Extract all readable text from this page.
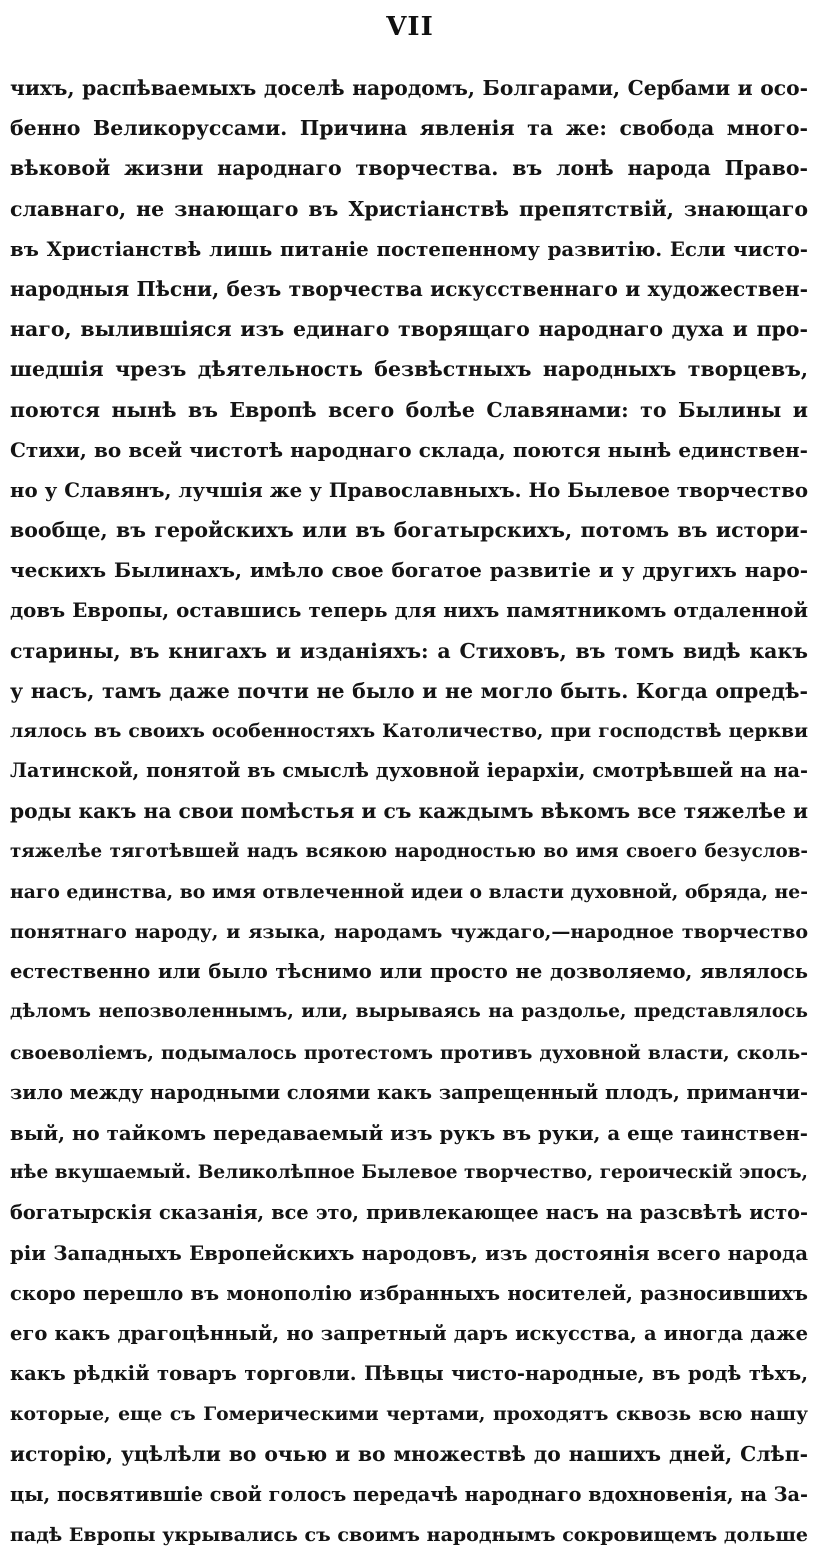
VII
чихъ, распѣваемыхъ доселѣ народомъ, Болгарами, Сербами и осо-
бенно Великоруссами. Причина явленія та же: свобода много-
вѣковой жизни народнаго творчества. въ лонѣ народа Право-
славнаго, не знающаго въ Христіанствѣ препятствій, знающаго
въ Христіанствѣ лишь питаніе постепенному развитію. Если чисто-
народныя Пѣсни, безъ творчества искусственнаго и художествен-
наго, вылившіяся изъ единаго творящаго народнаго духа и про-
шедшія чрезъ дѣятельность безвѣстныхъ народныхъ творцевъ,
поются нынѣ въ Европѣ всего болѣе Славянами: то Былины и
Стихи, во всей чистотѣ народнаго склада, поются нынѣ единствен-
но у Славянъ, лучшія же у Православныхъ. Но Былевое творчество
вообще, въ геройскихъ или въ богатырскихъ, потомъ въ истори-
ческихъ Былинахъ, имѣло свое богатое развитіе и у другихъ наро-
довъ Европы, оставшись теперь для нихъ памятникомъ отдаленной
старины, въ книгахъ и изданіяхъ: а Стиховъ, въ томъ видѣ какъ
у насъ, тамъ даже почти не было и не могло быть. Когда опредѣ-
лялось въ своихъ особенностяхъ Католичество, при господствѣ церкви
Латинской, понятой въ смыслѣ духовной іерархіи, смотрѣвшей на на-
роды какъ на свои помѣстья и съ каждымъ вѣкомъ все тяжелѣе и
тяжелѣе тяготѣвшей надъ всякою народностью во имя своего безуслов-
наго единства, во имя отвлеченной идеи о власти духовной, обряда, не-
понятнаго народу, и языка, народамъ чуждаго,—народное творчество
естественно или было тѣснимо или просто не дозволяемо, являлось
дѣломъ непозволеннымъ, или, вырываясь на раздолье, представлялось
своеволіемъ, подымалось протестомъ противъ духовной власти, сколь-
зило между народными слоями какъ запрещенный плодъ, приманчи-
вый, но тайкомъ передаваемый изъ рукъ въ руки, а еще таинствен-
нѣе вкушаемый. Великолѣпное Былевое творчество, героическій эпосъ,
богатырскія сказанія, все это, привлекающее насъ на разсвѣтѣ исто-
ріи Западныхъ Европейскихъ народовъ, изъ достоянія всего народа
скоро перешло въ монополію избранныхъ носителей, разносившихъ
его какъ драгоцѣнный, но запретный даръ искусства, а иногда даже
какъ рѣдкій товаръ торговли. Пѣвцы чисто-народные, въ родѣ тѣхъ,
которые, еще съ Гомерическими чертами, проходятъ сквозь всю нашу
исторію, уцѣлѣли во очью и во множествѣ до нашихъ дней, Слѣп-
цы, посвятившіе свой голосъ передачѣ народнаго вдохновенія, на За-
падѣ Европы укрывались съ своимъ народнымъ сокровищемъ дольше
